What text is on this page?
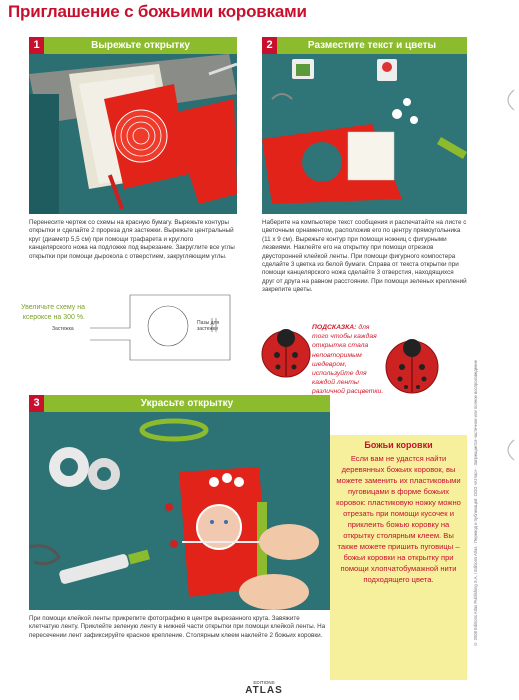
Приглашение с божьими коровками
1	Вырежьте открытку
Перенесите чертеж со схемы на красную бумагу. Вырежьте контуры открытки и сделайте 2 прореза для застежки. Вырежьте центральный круг (диаметр 5,5 см) при помощи трафарета и круглого канцелярского ножа на подложке под вырезание. Закруглите все углы открытки при помощи дырокола с отверстием, закругляющим углы.
2	Разместите текст и цветы
Наберите на компьютере текст сообщения и распечатайте на листе с цветочным орнаментом, расположив его по центру прямоугольника (11 x 9 см). Вырежьте контур при помощи ножниц с фигурными лезвиями. Наклейте его на открытку при помощи отрезков двусторонней клейкой ленты. При помощи фигурного компостера сделайте 3 цветка из белой бумаги. Справа от текста открытки при помощи канцелярского ножа сделайте 3 отверстия, находящихся друг от друга на равном расстоянии. При помощи зеленых креплений закрепите цветы.
Увеличьте схему на ксероксе на 300 %.
Застежка
Пазы для застежки	ПОДСКАЗКА: для того чтобы каждая открытка стала неповторимым шедевром, используйте для каждой ленты различной расцветки.
3	Украсьте открытку
При помощи клейкой ленты прикрепите фотографию в центре вырезанного круга. Завяжите клетчатую ленту. Приклейте зеленую ленту в нижней части открытки при помощи клейкой ленты. На пересечении лент зафиксируйте красное крепление. Столярным клеем наклейте 2 божьих коровки.
Божьи коровки
Если вам не удастся найти деревянных божьих коровок, вы можете заменить их пластиковыми пуговицами в форме божьих коровок: пластиковую ножку можно отрезать при помощи кусочек и приклеить божью коровку на открытку столярным клеем. Вы также можете пришить пуговицы – божьи коровки на открытку при помощи хлопчатобумажной нити подходящего цвета.	© 2008 Editions Atlas Publishing S.A. / Editions Atlas · Перевод и публикация: ООО «Атлас» · Запрещается частичное или полное воспроизведение
EDITIONS
ATLAS
